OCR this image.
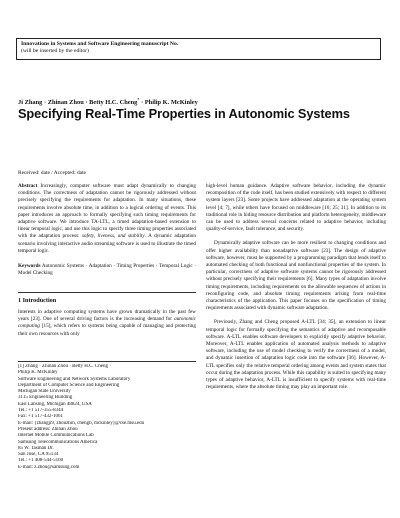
Innovations in Systems and Software Engineering manuscript No.
(will be inserted by the editor)
Ji Zhang · Zhinan Zhou · Betty H.C. Cheng* · Philip K. McKinley
Specifying Real-Time Properties in Autonomic Systems
Received: date / Accepted: date

Abstract Increasingly, computer software must adapt dynamically to changing conditions. The correctness of adaptation cannot be rigorously addressed without precisely specifying the requirements for adaptation. In many situations, these requirements involve absolute time, in addition to a logical ordering of events. This paper introduces an approach to formally specifying such timing requirements for adaptive software. We introduce TA-LTL, a timed adaptation-based extension to linear temporal logic, and use this logic to specify three timing properties associated with the adaptation process: safety, liveness, and stability. A dynamic adaptation scenario involving interactive audio streaming software is used to illustrate the timed temporal logic.

Keywords Autonomic Systems · Adaptation · Timing Properties · Temporal Logic · Model Checking

1 Introduction
Interests in adaptive computing systems have grown dramatically in the past few years [23]. One of several driving factors is the increasing demand for autonomic computing [15], which refers to systems being capable of managing and protecting their own resources with only
[1] Zhang · Zhinan Zhou · Betty H.C. Cheng ·
Philip K. McKinley
Software Engineering and Network Systems Laboratory
Department of Computer Science and Engineering
Michigan State University
3115 Engineering Building
East Lansing, Michigan 48824, USA
Tel.: +1 517-355-8344
Fax: +1 517-432-1061
E-mail: {zhangji9, zhouzhin, chengb, mckinley}@cse.msu.edu
Present address: Zhinan Zhou
Internet Mobile Communications Lab
Samsung Telecommunications America
85 W. Tasman Dr.
San Jose, CA 95134
Tel.: +1 408-544-5160
E-mail: z.zhou@samsung.com

high-level human guidance. Adaptive software behavior, including the dynamic recomposition of the code itself, has been studied extensively with respect to different system layers [23]. Some projects have addressed adaptation at the operating system level [4; 7], while others have focused on middleware [16; 25; 31]. In addition to its traditional role in hiding resource distribution and platform heterogeneity, middleware can be used to address several concerns related to adaptive behavior, including quality-of-service, fault tolerance, and security.

Dynamically adaptive software can be more resilient to changing conditions and offer higher availability than nonadaptive software [23]. The design of adaptive software, however, must be supported by a programming paradigm that lends itself to automated checking of both functional and nonfunctional properties of the system. In particular, correctness of adaptive software systems cannot be rigorously addressed without precisely specifying their requirements [6]. Many types of adaptation involve timing requirements, including requirements on the allowable sequences of actions in reconfiguring code, and absolute timing requirements arising from real-time characteristics of the application. This paper focuses on the specification of timing requirements associated with dynamic software adaptation.

Previously, Zhang and Cheng proposed A-LTL [34; 35], an extension to linear temporal logic for formally specifying the semantics of adaptive and recomposable software. A-LTL enables software developers to explicitly specify adaptive behavior. Moreover, A-LTL enables application of automated analysis methods to adaptive software, including the use of model checking to verify the correctness of a model, and dynamic insertion of adaptation logic code into the software [36]. However, A-LTL specifies only the relative temporal ordering among events and system states that occur during the adaptation process. While this capability is suited to specifying many types of adaptive behavior, A-LTL is insufficient to specify systems with real-time requirements, where the absolute timing may play an important role.
